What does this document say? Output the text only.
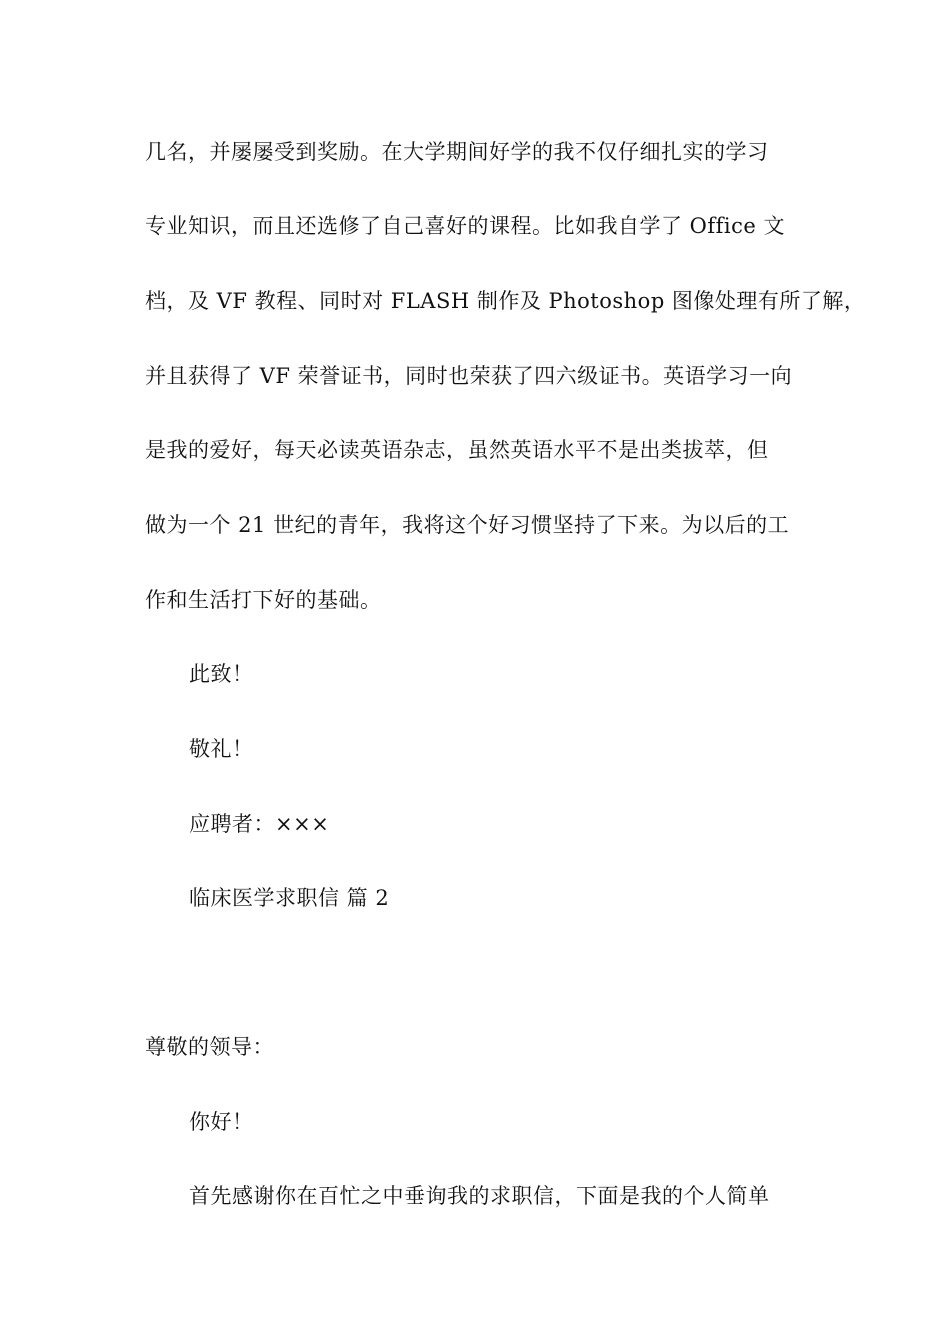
几名，并屡屡受到奖励。在大学期间好学的我不仅仔细扎实的学习
专业知识，而且还选修了自己喜好的课程。比如我自学了 Office 文
档，及 VF 教程、同时对 FLASH 制作及 Photoshop 图像处理有所了解，
并且获得了 VF 荣誉证书，同时也荣获了四六级证书。英语学习一向
是我的爱好，每天必读英语杂志，虽然英语水平不是出类拔萃，但
做为一个 21 世纪的青年，我将这个好习惯坚持了下来。为以后的工
作和生活打下好的基础。
此致！
敬礼！
应聘者：×××
临床医学求职信 篇 2
尊敬的领导：
你好！
首先感谢你在百忙之中垂询我的求职信，下面是我的个人简单
